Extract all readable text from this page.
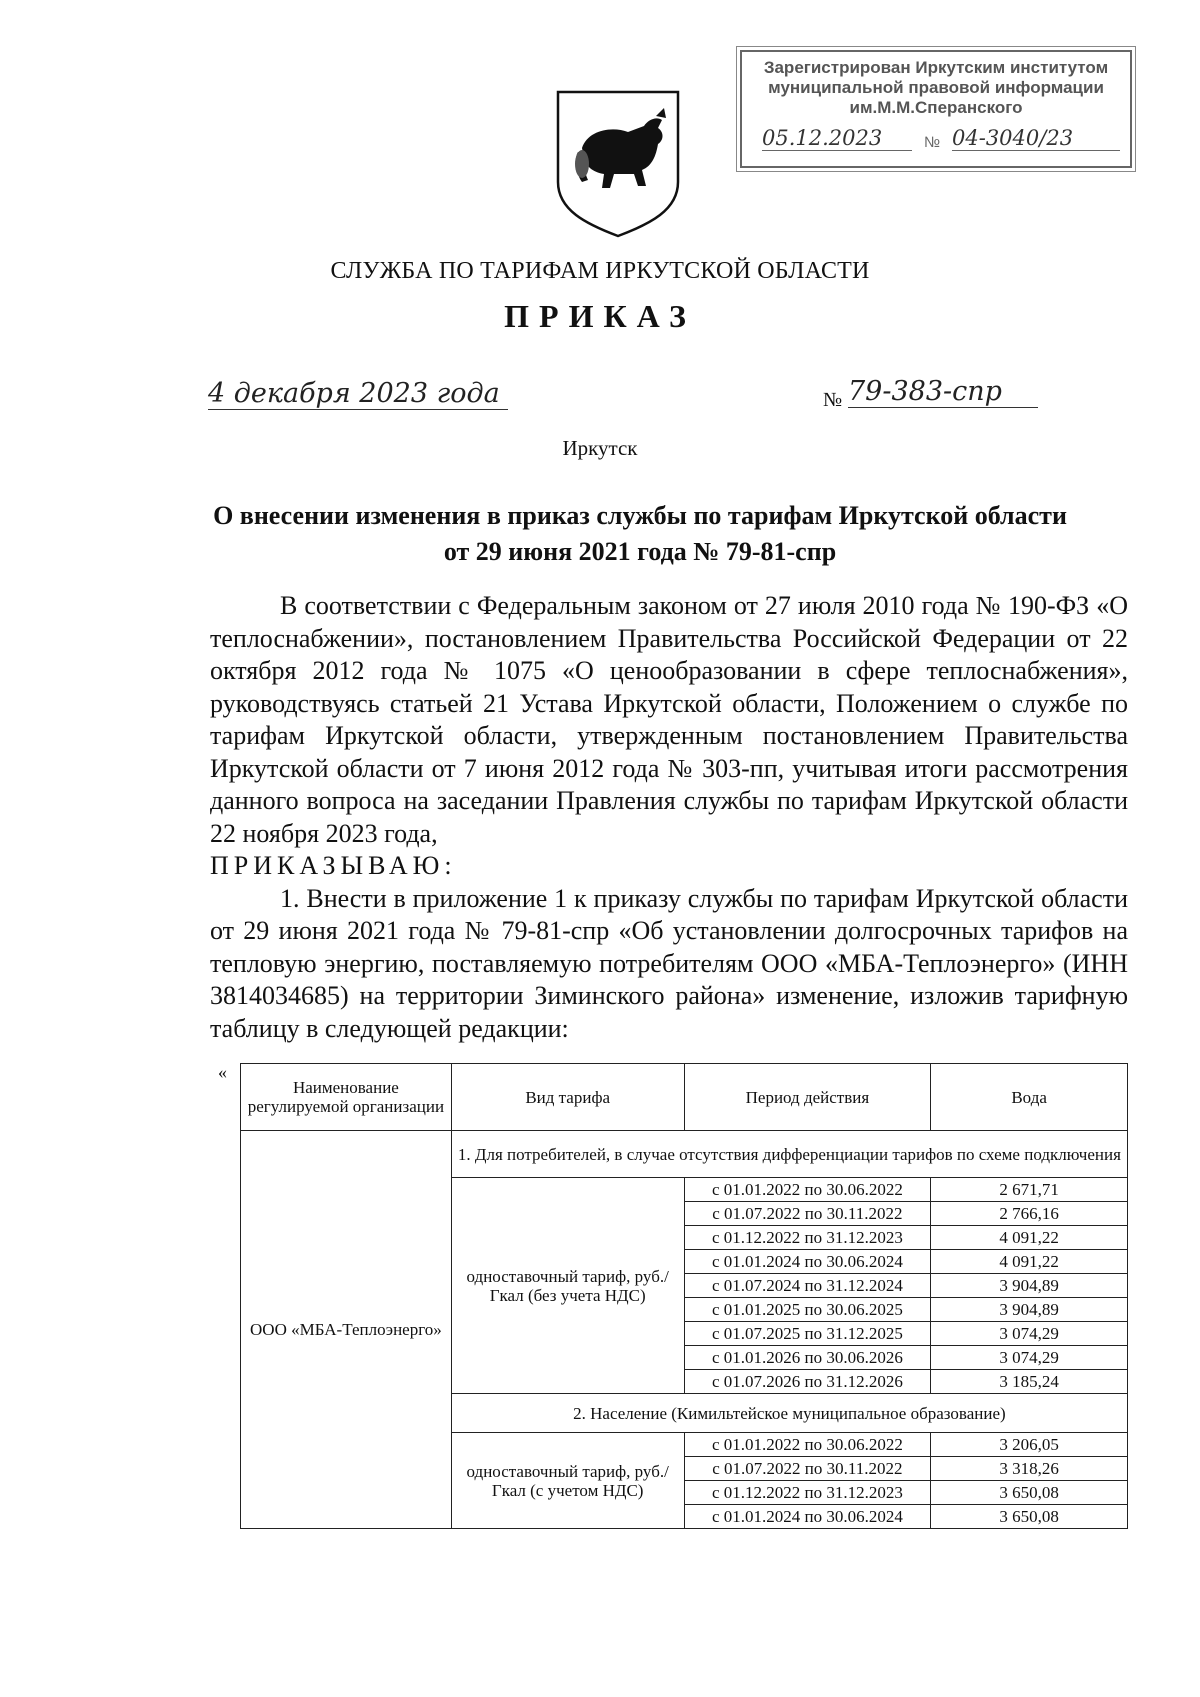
Зарегистрирован Иркутским институтом
муниципальной правовой информации
им.М.М.Сперанского
05.12.2023	№ 04-3040/23
СЛУЖБА ПО ТАРИФАМ ИРКУТСКОЙ ОБЛАСТИ
ПРИКАЗ
4 декабря 2023 года	№ 79-383-спр
Иркутск
О внесении изменения в приказ службы по тарифам Иркутской области
от 29 июня 2021 года № 79-81-спр

В соответствии с Федеральным законом от 27 июля 2010 года № 190-ФЗ «О теплоснабжении», постановлением Правительства Российской Федерации от 22 октября 2012 года № 1075 «О ценообразовании в сфере теплоснабжения», руководствуясь статьей 21 Устава Иркутской области, Положением о службе по тарифам Иркутской области, утвержденным постановлением Правительства Иркутской области от 7 июня 2012 года № 303-пп, учитывая итоги рассмотрения данного вопроса на заседании Правления службы по тарифам Иркутской области 22 ноября 2023 года,

ПРИКАЗЫВАЮ:

1. Внести в приложение 1 к приказу службы по тарифам Иркутской области от 29 июня 2021 года № 79-81-спр «Об установлении долгосрочных тарифов на тепловую энергию, поставляемую потребителям ООО «МБА-Теплоэнерго» (ИНН 3814034685) на территории Зиминского района» изменение, изложив тарифную таблицу в следующей редакции:

«
Наименование регулируемой организации	Вид тарифа	Период действия	Вода
ООО «МБА-Теплоэнерго»	1. Для потребителей, в случае отсутствия дифференциации тарифов по схеме подключения		
	одноставочный тариф, руб./Гкал (без учета НДС)	с 01.01.2022 по 30.06.2022	2 671,71
		с 01.07.2022 по 30.11.2022	2 766,16
		с 01.12.2022 по 31.12.2023	4 091,22
		с 01.01.2024 по 30.06.2024	4 091,22
		с 01.07.2024 по 31.12.2024	3 904,89
		с 01.01.2025 по 30.06.2025	3 904,89
		с 01.07.2025 по 31.12.2025	3 074,29
		с 01.01.2026 по 30.06.2026	3 074,29
		с 01.07.2026 по 31.12.2026	3 185,24
	2. Население (Кимильтейское муниципальное образование)		
	одноставочный тариф, руб./Гкал (с учетом НДС)	с 01.01.2022 по 30.06.2022	3 206,05
		с 01.07.2022 по 30.11.2022	3 318,26
		с 01.12.2022 по 31.12.2023	3 650,08
		с 01.01.2024 по 30.06.2024	3 650,08
